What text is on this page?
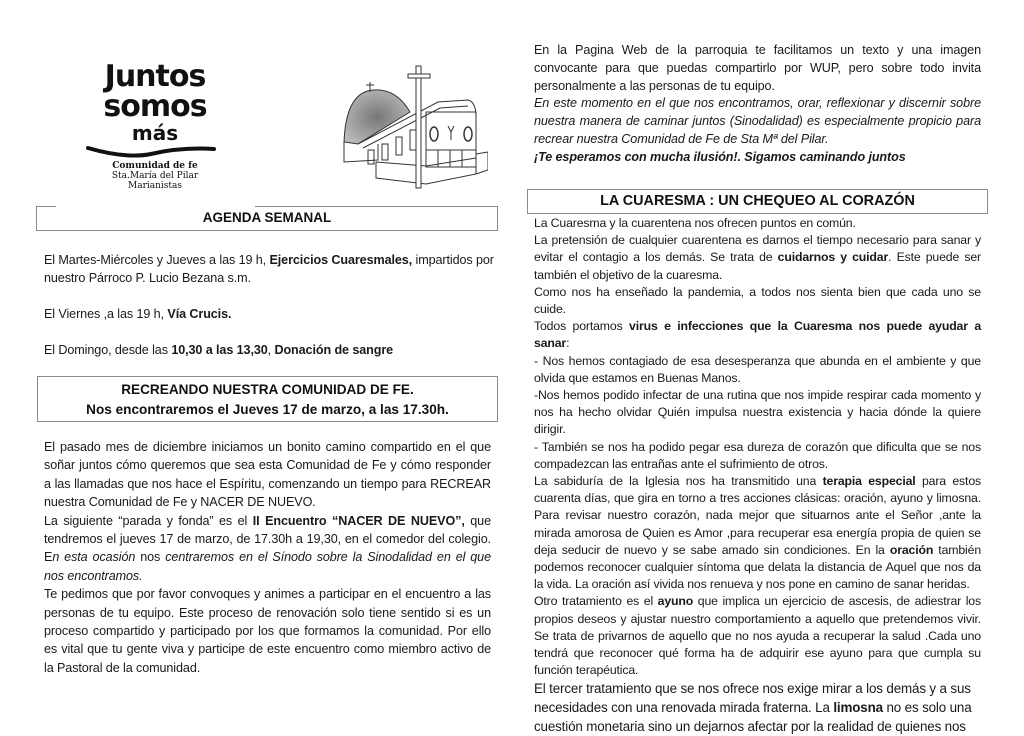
Juntos
somos
más
Comunidad de fe
Sta.María del Pilar
Marianistas
AGENDA SEMANAL

El Martes-Miércoles y Jueves a las 19 h, Ejercicios Cuaresmales, impartidos por nuestro Párroco P. Lucio Bezana s.m.

El Viernes ,a las 19 h, Vía Crucis.

El Domingo, desde las 10,30 a las 13,30, Donación de sangre

RECREANDO NUESTRA COMUNIDAD DE FE.
Nos encontraremos el Jueves 17 de marzo, a las 17.30h.

El pasado mes de diciembre iniciamos un bonito camino compartido en el que soñar juntos cómo queremos que sea esta Comunidad de Fe y cómo responder a las llamadas que nos hace el Espíritu, comenzando un tiempo para RECREAR nuestra Comunidad de Fe y NACER DE NUEVO.

La siguiente “parada y fonda” es el II Encuentro “NACER DE NUEVO”, que tendremos el jueves 17 de marzo, de 17.30h a 19,30, en el comedor del colegio. En esta ocasión nos centraremos en el Sínodo sobre la Sinodalidad en el que nos encontramos.

Te pedimos que por favor convoques y animes a participar en el encuentro a las personas de tu equipo. Este proceso de renovación solo tiene sentido si es un proceso compartido y participado por los que formamos la comunidad. Por ello es vital que tu gente viva y participe de este encuentro como miembro activo de la Pastoral de la comunidad.

En la Pagina Web de la parroquia te facilitamos un texto y una imagen convocante para que puedas compartirlo por WUP, pero sobre todo invita personalmente a las personas de tu equipo.

En este momento en el que nos encontramos, orar, reflexionar y discernir sobre nuestra manera de caminar juntos (Sinodalidad) es especialmente propicio para recrear nuestra Comunidad de Fe de Sta Mª del Pilar.

¡Te esperamos con mucha ilusión!. Sigamos caminando juntos

LA CUARESMA : UN CHEQUEO AL CORAZÓN

La Cuaresma y la cuarentena nos ofrecen puntos en común.

La pretensión de cualquier cuarentena es darnos el tiempo necesario para sanar y evitar el contagio a los demás. Se trata de cuidarnos y cuidar. Este puede ser también el objetivo de la cuaresma.

Como nos ha enseñado la pandemia, a todos nos sienta bien que cada uno se cuide.

Todos portamos virus e infecciones que la Cuaresma nos puede ayudar a sanar:

- Nos hemos contagiado de esa desesperanza que abunda en el ambiente y que olvida que estamos en Buenas Manos.

-Nos hemos podido infectar de una rutina que nos impide respirar cada momento y nos ha hecho olvidar Quién impulsa nuestra existencia y hacia dónde la quiere dirigir.

- También se nos ha podido pegar esa dureza de corazón que dificulta que se nos compadezcan las entrañas ante el sufrimiento de otros.

La sabiduría de la Iglesia nos ha transmitido una terapia especial para estos cuarenta días, que gira en torno a tres acciones clásicas: oración, ayuno y limosna. Para revisar nuestro corazón, nada mejor que situarnos ante el Señor ,ante la mirada amorosa de Quien es Amor ,para recuperar esa energía propia de quien se deja seducir de nuevo y se sabe amado sin condiciones. En la oración también podemos reconocer cualquier síntoma que delata la distancia de Aquel que nos da la vida. La oración así vivida nos renueva y nos pone en camino de sanar heridas.

Otro tratamiento es el ayuno que implica un ejercicio de ascesis, de adiestrar los propios deseos y ajustar nuestro comportamiento a aquello que pretendemos vivir. Se trata de privarnos de aquello que no nos ayuda a recuperar la salud .Cada uno tendrá que reconocer qué forma ha de adquirir ese ayuno para que cumpla su función terapéutica.

El tercer tratamiento que se nos ofrece nos exige mirar a los demás y a sus necesidades con una renovada mirada fraterna. La limosna no es solo una cuestión monetaria sino un dejarnos afectar por la realidad de quienes nos
